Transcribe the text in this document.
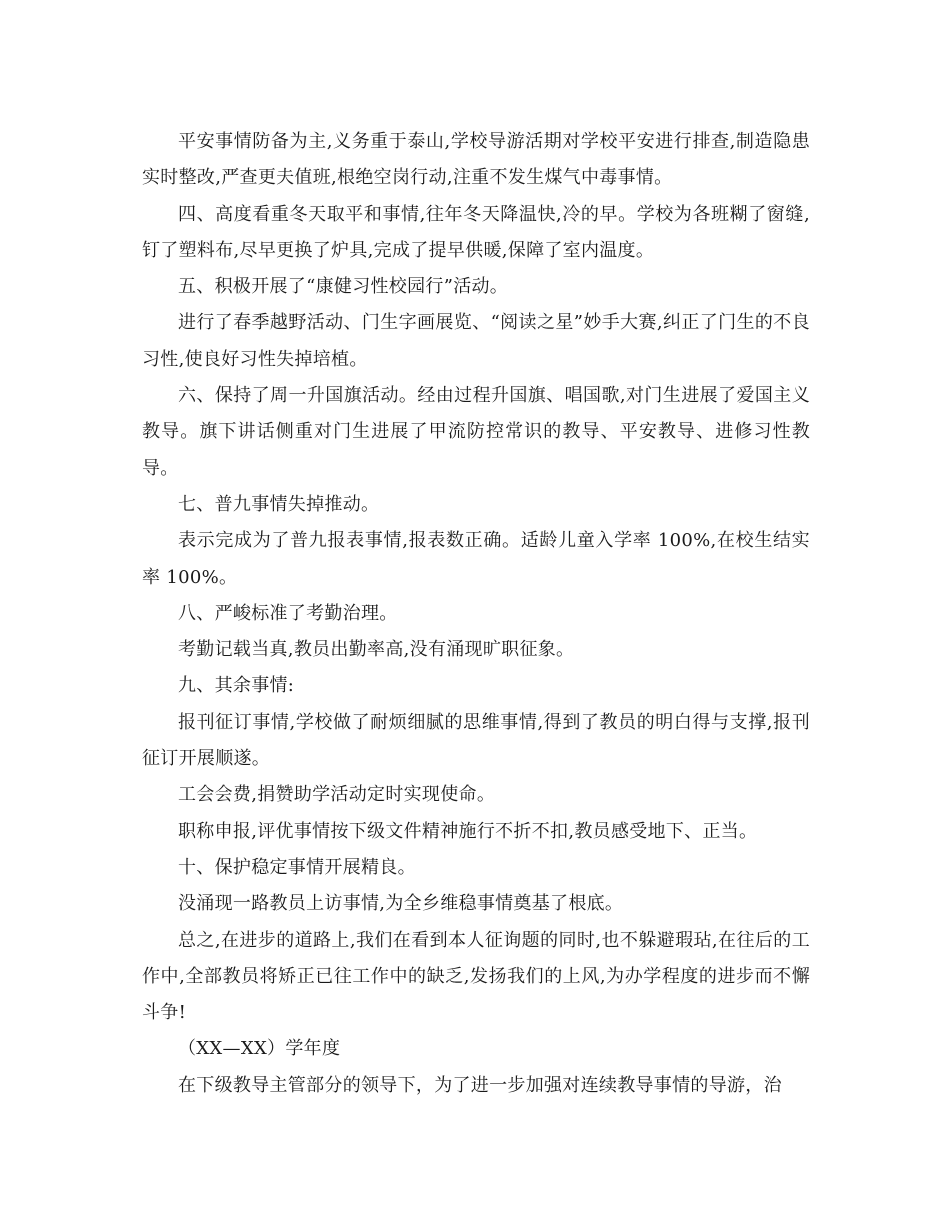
平安事情防备为主,义务重于泰山,学校导游活期对学校平安进行排查,制造隐患实时整改,严查更夫值班,根绝空岗行动,注重不发生煤气中毒事情。

四、高度看重冬天取平和事情,往年冬天降温快,冷的早。学校为各班糊了窗缝,钉了塑料布,尽早更换了炉具,完成了提早供暖,保障了室内温度。

五、积极开展了“康健习性校园行”活动。

进行了春季越野活动、门生字画展览、“阅读之星”妙手大赛,纠正了门生的不良习性,使良好习性失掉培植。

六、保持了周一升国旗活动。经由过程升国旗、唱国歌,对门生进展了爱国主义教导。旗下讲话侧重对门生进展了甲流防控常识的教导、平安教导、进修习性教导。

七、普九事情失掉推动。

表示完成为了普九报表事情,报表数正确。适龄儿童入学率 100%,在校生结实率 100%。

八、严峻标准了考勤治理。

考勤记载当真,教员出勤率高,没有涌现旷职征象。

九、其余事情:

报刊征订事情,学校做了耐烦细腻的思维事情,得到了教员的明白得与支撑,报刊征订开展顺遂。

工会会费,捐赞助学活动定时实现使命。

职称申报,评优事情按下级文件精神施行不折不扣,教员感受地下、正当。

十、保护稳定事情开展精良。

没涌现一路教员上访事情,为全乡维稳事情奠基了根底。

总之,在进步的道路上,我们在看到本人征询题的同时,也不躲避瑕玷,在往后的工作中,全部教员将矫正已往工作中的缺乏,发扬我们的上风,为办学程度的进步而不懈斗争!

（XX—XX）学年度

在下级教导主管部分的领导下，为了进一步加强对连续教导事情的导游，治
